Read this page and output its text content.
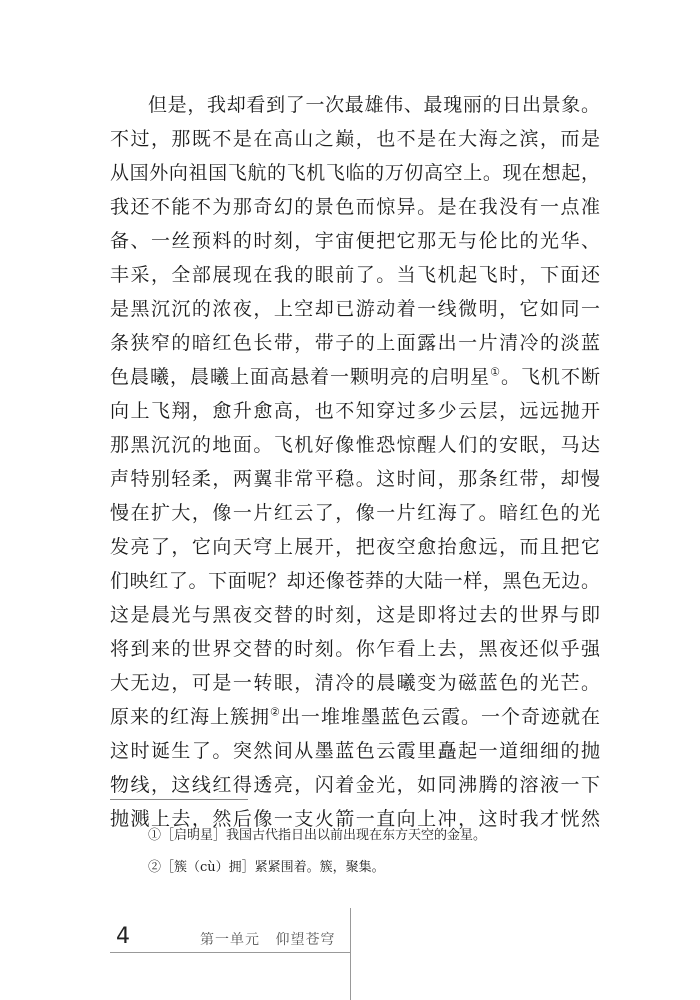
但是，我却看到了一次最雄伟、最瑰丽的日出景象。
不过，那既不是在高山之巅，也不是在大海之滨，而是
从国外向祖国飞航的飞机飞临的万仞高空上。现在想起，
我还不能不为那奇幻的景色而惊异。是在我没有一点准
备、一丝预料的时刻，宇宙便把它那无与伦比的光华、
丰采，全部展现在我的眼前了。当飞机起飞时，下面还
是黑沉沉的浓夜，上空却已游动着一线微明，它如同一
条狭窄的暗红色长带，带子的上面露出一片清冷的淡蓝
色晨曦，晨曦上面高悬着一颗明亮的启明星①。飞机不断
向上飞翔，愈升愈高，也不知穿过多少云层，远远抛开
那黑沉沉的地面。飞机好像惟恐惊醒人们的安眠，马达
声特别轻柔，两翼非常平稳。这时间，那条红带，却慢
慢在扩大，像一片红云了，像一片红海了。暗红色的光
发亮了，它向天穹上展开，把夜空愈抬愈远，而且把它
们映红了。下面呢？却还像苍莽的大陆一样，黑色无边。
这是晨光与黑夜交替的时刻，这是即将过去的世界与即
将到来的世界交替的时刻。你乍看上去，黑夜还似乎强
大无边，可是一转眼，清冷的晨曦变为磁蓝色的光芒。
原来的红海上簇拥②出一堆堆墨蓝色云霞。一个奇迹就在
这时诞生了。突然间从墨蓝色云霞里矗起一道细细的抛
物线，这线红得透亮，闪着金光，如同沸腾的溶液一下
抛溅上去，然后像一支火箭一直向上冲，这时我才恍然
①［启明星］我国古代指日出以前出现在东方天空的金星。
②［簇（cù）拥］紧紧围着。簇，聚集。
4	第一单元 仰望苍穹
